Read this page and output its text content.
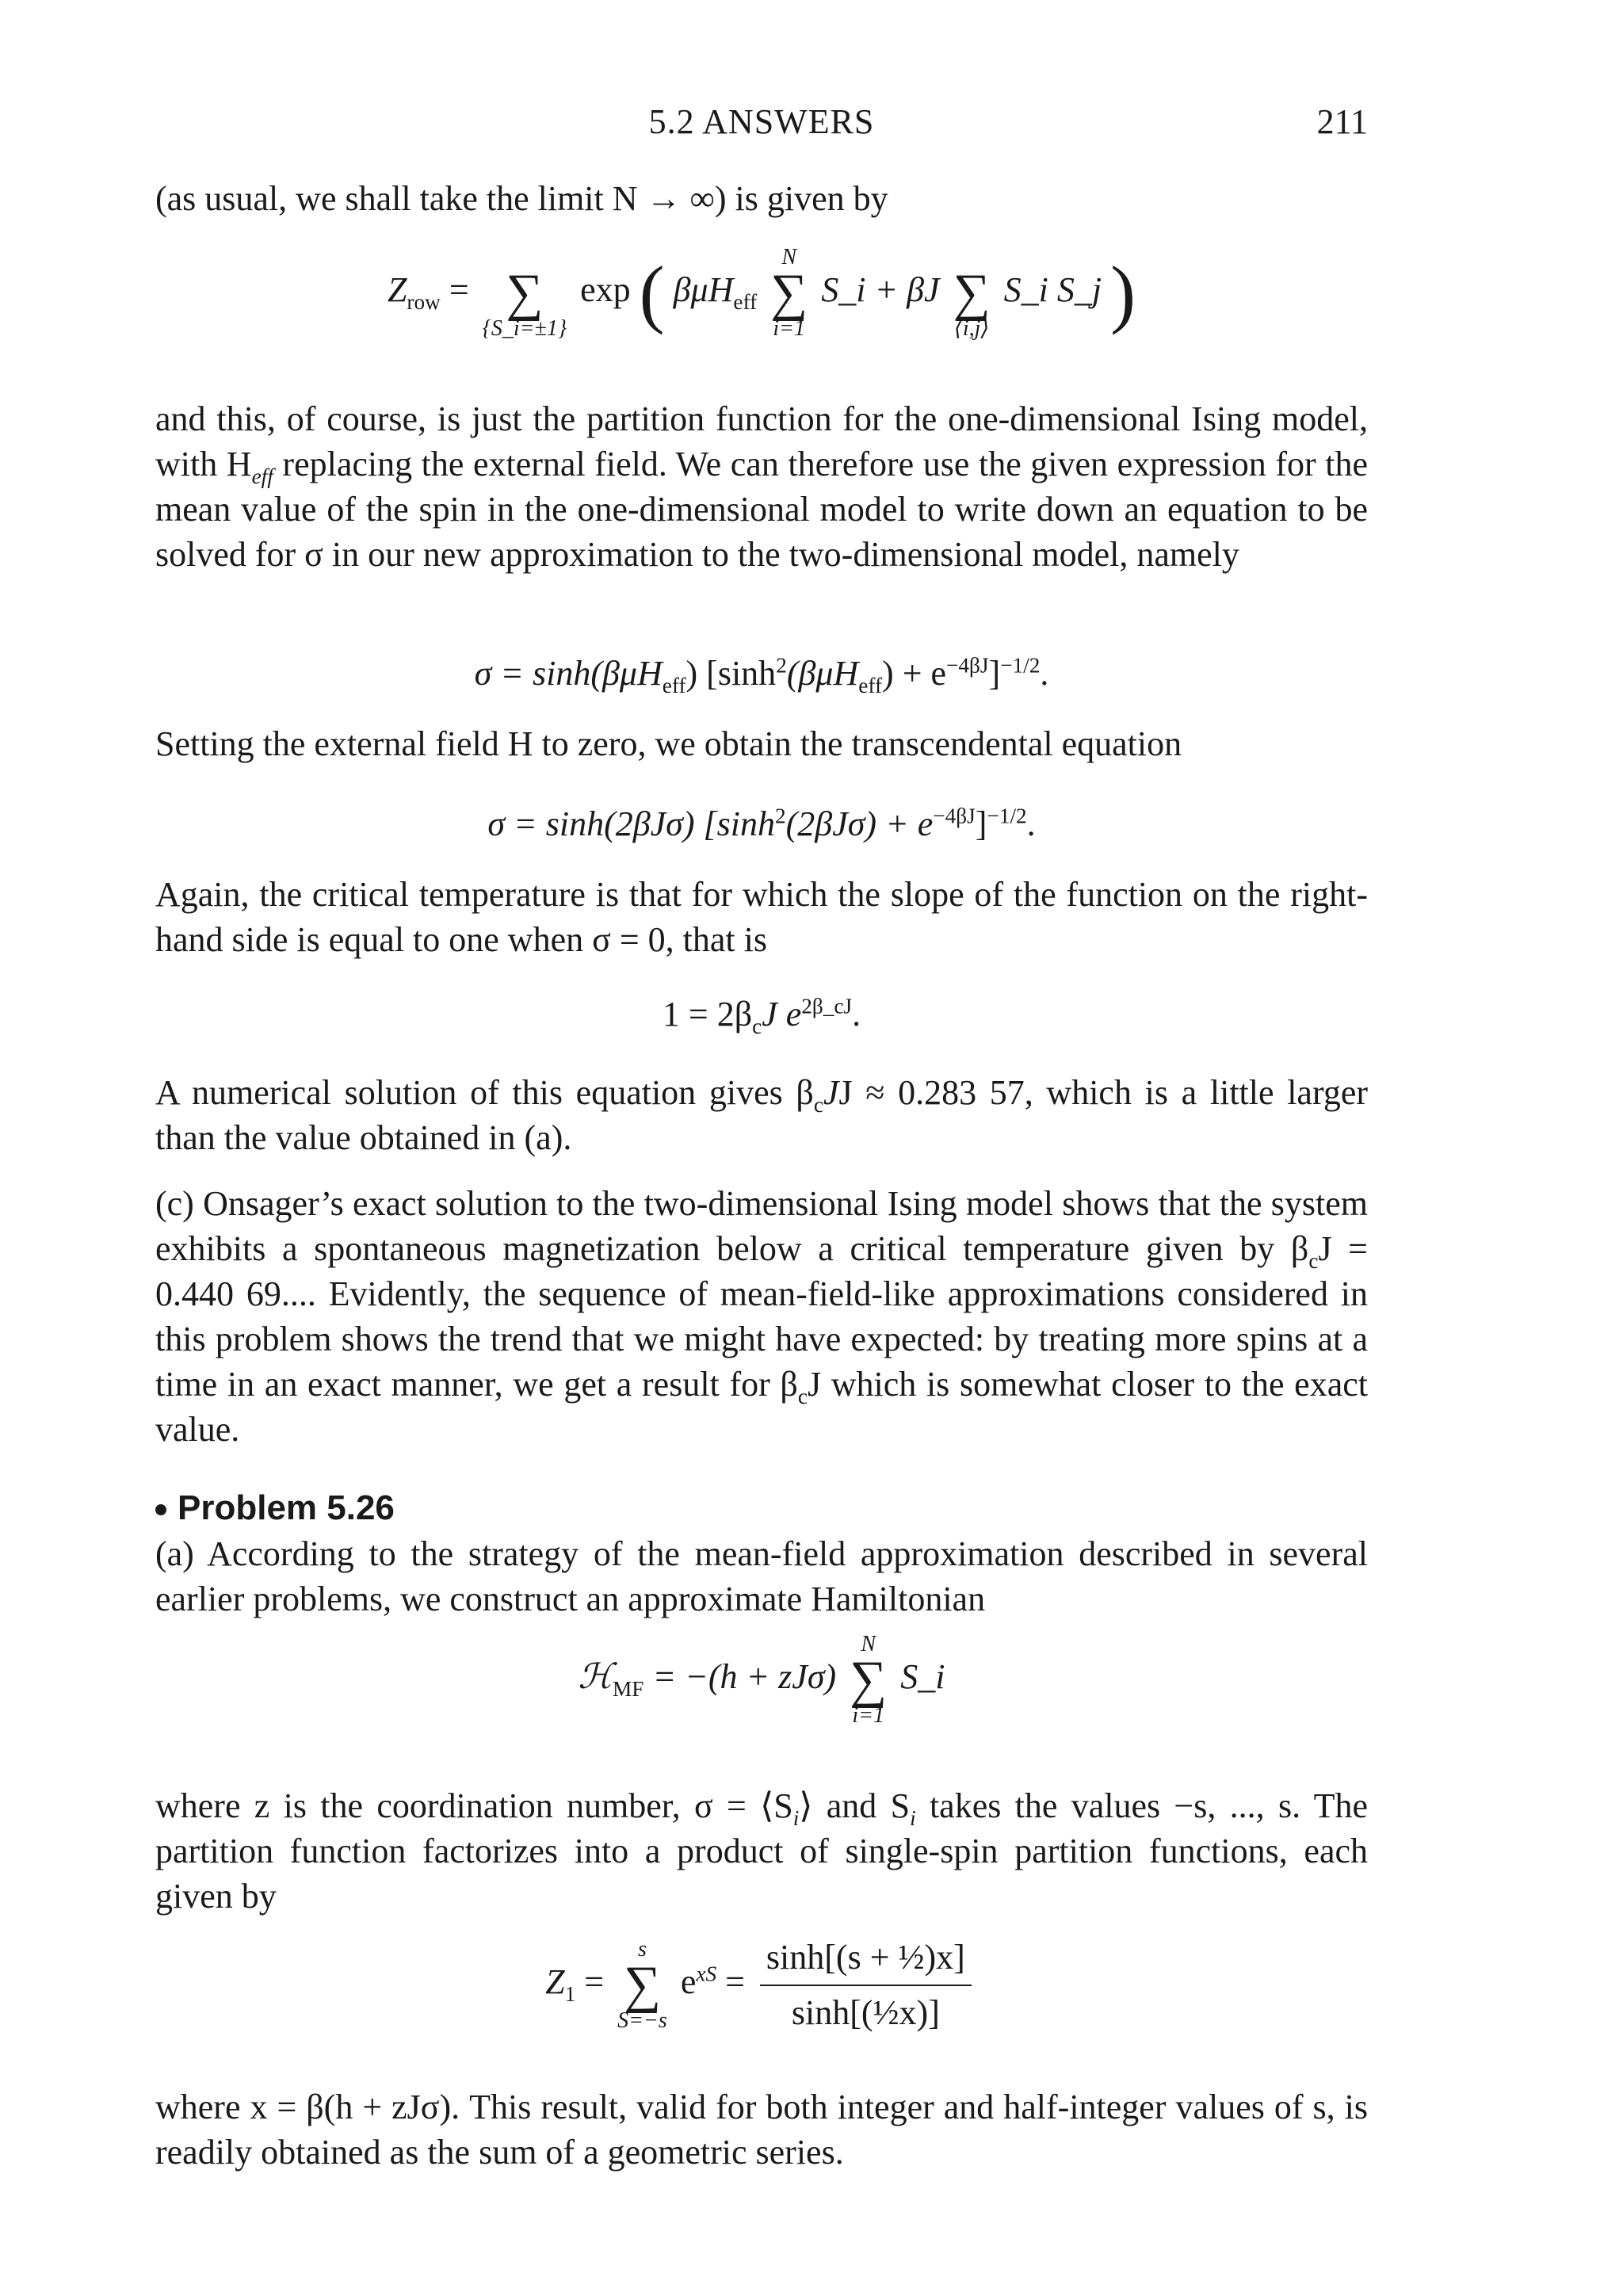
5.2 ANSWERS	211

(as usual, we shall take the limit N → ∞) is given by

$Z_{row}$ =
∑
{S_i=±1}
exp ( βμH$_{eff}$
N
∑
i=1
S_i + βJ
∑
⟨i,j⟩
S_i S_j )

and this, of course, is just the partition function for the one-dimensional Ising model, with $H_{eff}$ replacing the external field. We can therefore use the given expression for the mean value of the spin in the one-dimensional model to write down an equation to be solved for σ in our new approximation to the two-dimensional model, namely

σ = sinh(βμH$_{eff}$) $[\sinh^2(\beta\mu H_{eff}) + e^{-4\beta J}]^{-1/2}$.

Setting the external field H to zero, we obtain the transcendental equation

σ = sinh(2βJσ) $[\sinh^2(2\beta J\sigma) + e^{-4\beta J}]^{-1/2}$.

Again, the critical temperature is that for which the slope of the function on the right-hand side is equal to one when σ = 0, that is

$1 = 2\beta_cJ$ $e^{2\beta\_cJ}$.

A numerical solution of this equation gives $\beta_cJJ \approx 0.283$ 57, which is a little larger than the value obtained in (a).

(c) Onsager’s exact solution to the two-dimensional Ising model shows that the system exhibits a spontaneous magnetization below a critical temperature given by $\beta_cJ = 0.440$ 69.... Evidently, the sequence of mean-field-like approximations considered in this problem shows the trend that we might have expected: by treating more spins at a time in an exact manner, we get a result for $\beta_cJ$ which is somewhat closer to the exact value.

Problem 5.26

(a) According to the strategy of the mean-field approximation described in several earlier problems, we construct an approximate Hamiltonian

ℋ$_{MF}$ = −(h + zJσ)
N
∑
i=1
S_i

where z is the coordination number, $\sigma = ⟨S_i⟩$ and $S_i$ takes the values −s, ..., s. The partition function factorizes into a product of single-spin partition functions, each given by

$Z_1$ =
s
∑
S=−s
$e^{xS} = \frac{\text{sinh[(s + ½)x]}}{\text{sinh[(½x)]}}$

where x = β(h + zJσ). This result, valid for both integer and half-integer values of s, is readily obtained as the sum of a geometric series.
